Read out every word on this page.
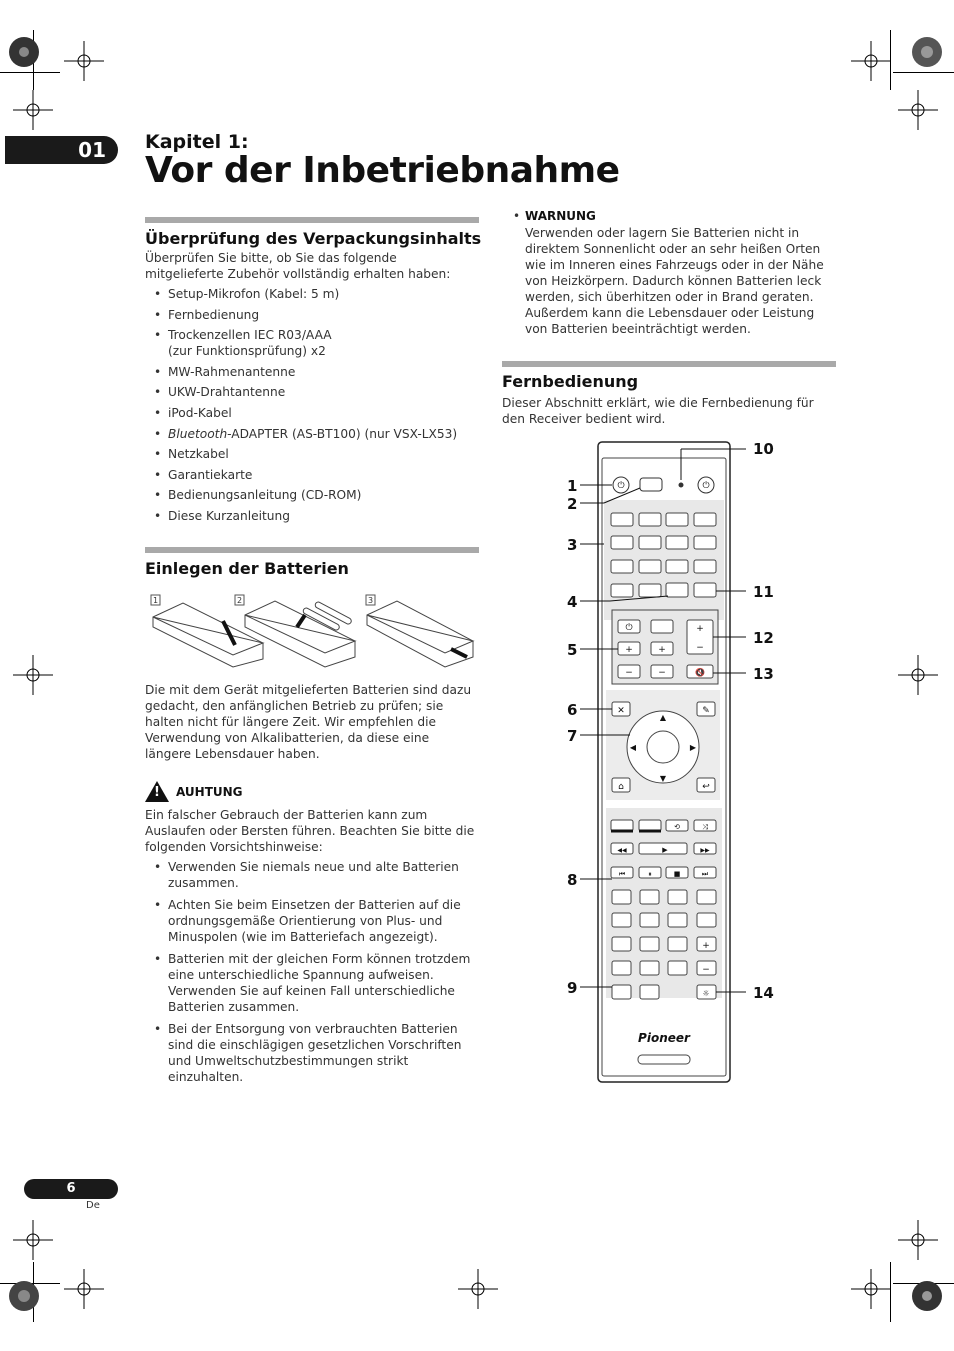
01 Kapitel 1:
Vor der Inbetriebnahme
Überprüfung des Verpackungsinhalts
Überprüfen Sie bitte, ob Sie das folgende mitgelieferte Zubehör vollständig erhalten haben:
• Setup-Mikrofon (Kabel: 5 m)
• Fernbedienung
• Trockenzellen IEC R03/AAA
(zur Funktionsprüfung) x2
• MW-Rahmenantenne
• UKW-Drahtantenne
• iPod-Kabel
• Bluetooth-ADAPTER (AS-BT100) (nur VSX-LX53)
• Netzkabel
• Garantiekarte
• Bedienungsanleitung (CD-ROM)
• Diese Kurzanleitung
Einlegen der Batterien
1	2	3
Die mit dem Gerät mitgelieferten Batterien sind dazu gedacht, den anfänglichen Betrieb zu prüfen; sie halten nicht für längere Zeit. Wir empfehlen die Verwendung von Alkalibatterien, da diese eine längere Lebensdauer haben.
! AUHTUNG
Ein falscher Gebrauch der Batterien kann zum Auslaufen oder Bersten führen. Beachten Sie bitte die folgenden Vorsichtshinweise:
• Verwenden Sie niemals neue und alte Batterien zusammen.
• Achten Sie beim Einsetzen der Batterien auf die ordnungsgemäße Orientierung von Plus- und Minuspolen (wie im Batteriefach angezeigt).
• Batterien mit der gleichen Form können trotzdem eine unterschiedliche Spannung aufweisen. Verwenden Sie auf keinen Fall unterschiedliche Batterien zusammen.
• Bei der Entsorgung von verbrauchten Batterien sind die einschlägigen gesetzlichen Vorschriften und Umweltschutzbestimmungen strikt einzuhalten.
• WARNUNG
Verwenden oder lagern Sie Batterien nicht in direktem Sonnenlicht oder an sehr heißen Orten wie im Inneren eines Fahrzeugs oder in der Nähe von Heizkörpern. Dadurch können Batterien leck werden, sich überhitzen oder in Brand geraten. Außerdem kann die Lebensdauer oder Leistung von Batterien beeinträchtigt werden.
Fernbedienung
Dieser Abschnitt erklärt, wie die Fernbedienung für den Receiver bedient wird.
⏻	⏻
⏻
+	+
−	−
+
−
🔇
✕	✎
▲
▼
◀	▶
⌂	↩
⟲	⤨
◀◀	▶	▶▶
⏮	⏸	■	⏭
+
−
☼
Pioneer
1
2
3
4
5
6
7
8
9
10
11
12
13
14
6
De
